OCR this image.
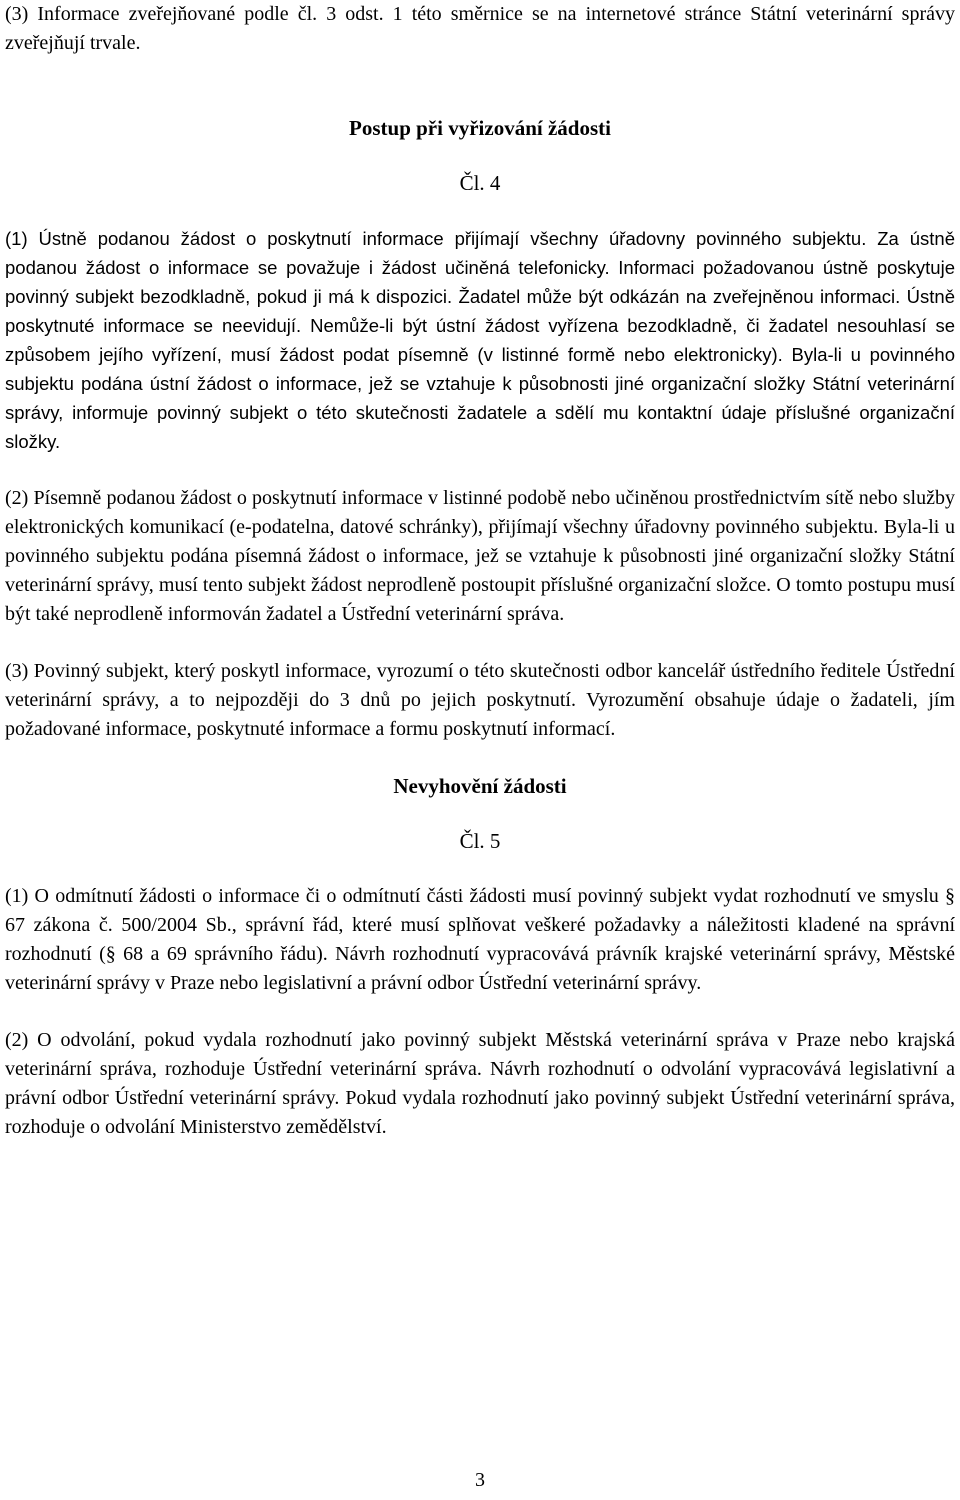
(3) Informace zveřejňované podle čl. 3 odst. 1 této směrnice se na internetové stránce Státní veterinární správy zveřejňují trvale.

Postup při vyřizování žádosti

Čl. 4

(1) Ústně podanou žádost o poskytnutí informace přijímají všechny úřadovny povinného subjektu. Za ústně podanou žádost o informace se považuje i žádost učiněná telefonicky. Informaci požadovanou ústně poskytuje povinný subjekt bezodkladně, pokud ji má k dispozici. Žadatel může být odkázán na zveřejněnou informaci. Ústně poskytnuté informace se neevidují. Nemůže-li být ústní žádost vyřízena bezodkladně, či žadatel nesouhlasí se způsobem jejího vyřízení, musí žádost podat písemně (v listinné formě nebo elektronicky). Byla-li u povinného subjektu podána ústní žádost o informace, jež se vztahuje k působnosti jiné organizační složky Státní veterinární správy, informuje povinný subjekt o této skutečnosti žadatele a sdělí mu kontaktní údaje příslušné organizační složky.

(2) Písemně podanou žádost o poskytnutí informace v listinné podobě nebo učiněnou prostřednictvím sítě nebo služby elektronických komunikací (e-podatelna, datové schránky), přijímají všechny úřadovny povinného subjektu. Byla-li u povinného subjektu podána písemná žádost o informace, jež se vztahuje k působnosti jiné organizační složky Státní veterinární správy, musí tento subjekt žádost neprodleně postoupit příslušné organizační složce. O tomto postupu musí být také neprodleně informován žadatel a Ústřední veterinární správa.

(3) Povinný subjekt, který poskytl informace, vyrozumí o této skutečnosti odbor kancelář ústředního ředitele Ústřední veterinární správy, a to nejpozději do 3 dnů po jejich poskytnutí. Vyrozumění obsahuje údaje o žadateli, jím požadované informace, poskytnuté informace a formu poskytnutí informací.

Nevyhovění žádosti

Čl. 5

(1) O odmítnutí žádosti o informace či o odmítnutí části žádosti musí povinný subjekt vydat rozhodnutí ve smyslu § 67 zákona č. 500/2004 Sb., správní řád, které musí splňovat veškeré požadavky a náležitosti kladené na správní rozhodnutí (§ 68 a 69 správního řádu). Návrh rozhodnutí vypracovává právník krajské veterinární správy, Městské veterinární správy v Praze nebo legislativní a právní odbor Ústřední veterinární správy.

(2) O odvolání, pokud vydala rozhodnutí jako povinný subjekt Městská veterinární správa v Praze nebo krajská veterinární správa, rozhoduje Ústřední veterinární správa. Návrh rozhodnutí o odvolání vypracovává legislativní a právní odbor Ústřední veterinární správy. Pokud vydala rozhodnutí jako povinný subjekt Ústřední veterinární správa, rozhoduje o odvolání Ministerstvo zemědělství.

3
